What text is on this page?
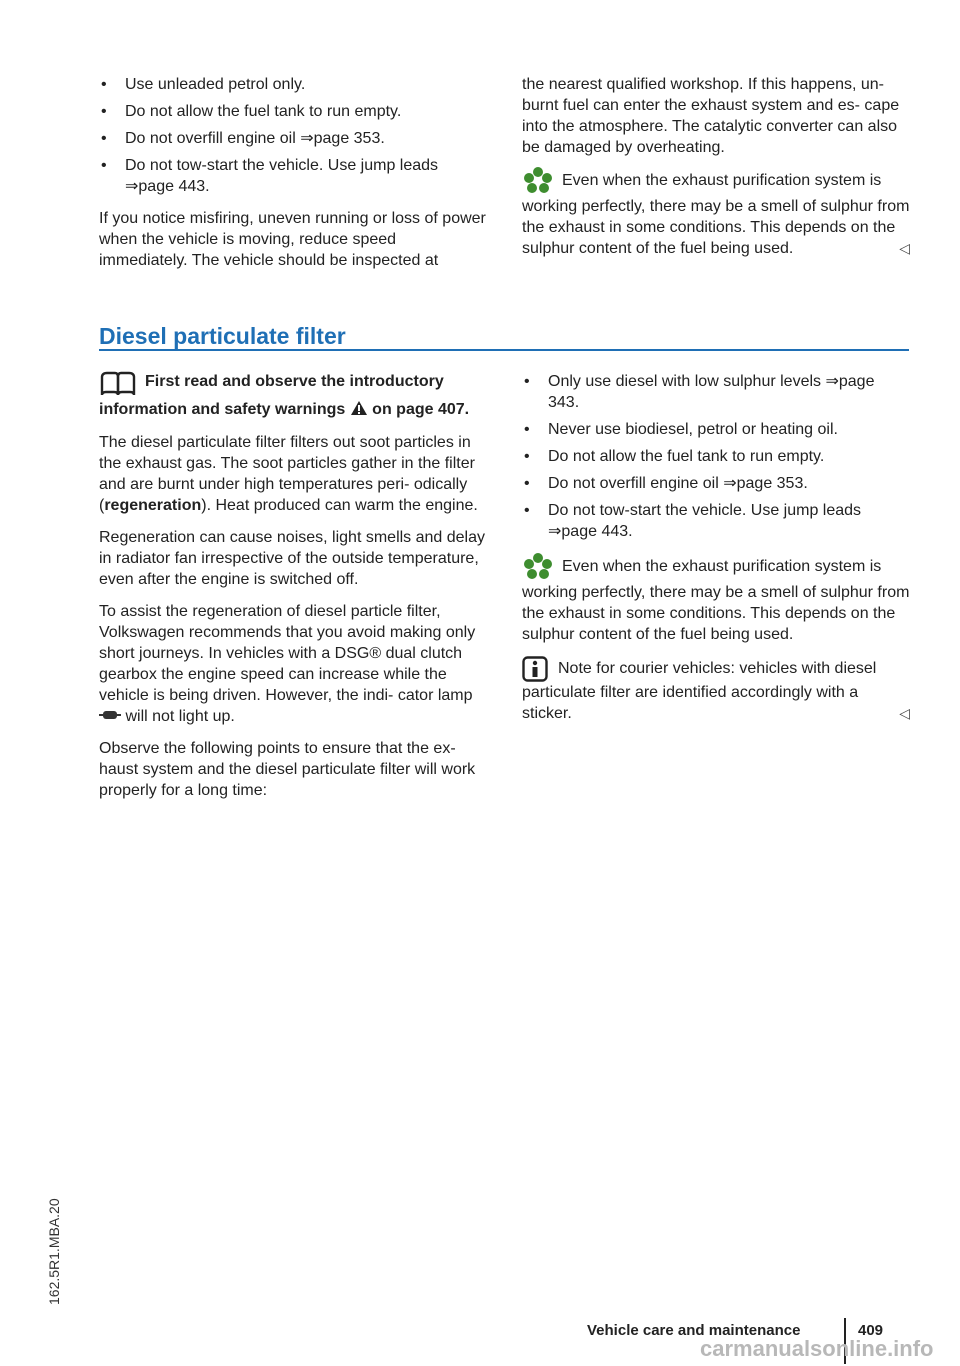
• Use unleaded petrol only.

• Do not allow the fuel tank to run empty.

• Do not overfill engine oil ⇒page 353.

• Do not tow-start the vehicle. Use jump leads ⇒page 443.

If you notice misfiring, uneven running or loss of power when the vehicle is moving, reduce speed immediately. The vehicle should be inspected at

the nearest qualified workshop. If this happens, un- burnt fuel can enter the exhaust system and es- cape into the atmosphere. The catalytic converter can also be damaged by overheating.

Even when the exhaust purification system is working perfectly, there may be a smell of sulphur from the exhaust in some conditions. This depends on the sulphur content of the fuel being used.	◁
Diesel particulate filter

First read and observe the introductory information and safety warnings on page 407.

The diesel particulate filter filters out soot particles in the exhaust gas. The soot particles gather in the filter and are burnt under high temperatures peri- odically (regeneration). Heat produced can warm the engine.

Regeneration can cause noises, light smells and delay in radiator fan irrespective of the outside temperature, even after the engine is switched off.

To assist the regeneration of diesel particle filter, Volkswagen recommends that you avoid making only short journeys. In vehicles with a DSG® dual clutch gearbox the engine speed can increase while the vehicle is being driven. However, the indi- cator lamp  will not light up.

Observe the following points to ensure that the ex- haust system and the diesel particulate filter will work properly for a long time:

• Only use diesel with low sulphur levels ⇒page 343.

• Never use biodiesel, petrol or heating oil.

• Do not allow the fuel tank to run empty.

• Do not overfill engine oil ⇒page 353.

• Do not tow-start the vehicle. Use jump leads ⇒page 443.

Even when the exhaust purification system is working perfectly, there may be a smell of sulphur from the exhaust in some conditions. This depends on the sulphur content of the fuel being used.
Note for courier vehicles: vehicles with diesel particulate filter are identified accordingly with a sticker.	◁
162.5R1.MBA.20
Vehicle care and maintenance	409
carmanualsonline.info
